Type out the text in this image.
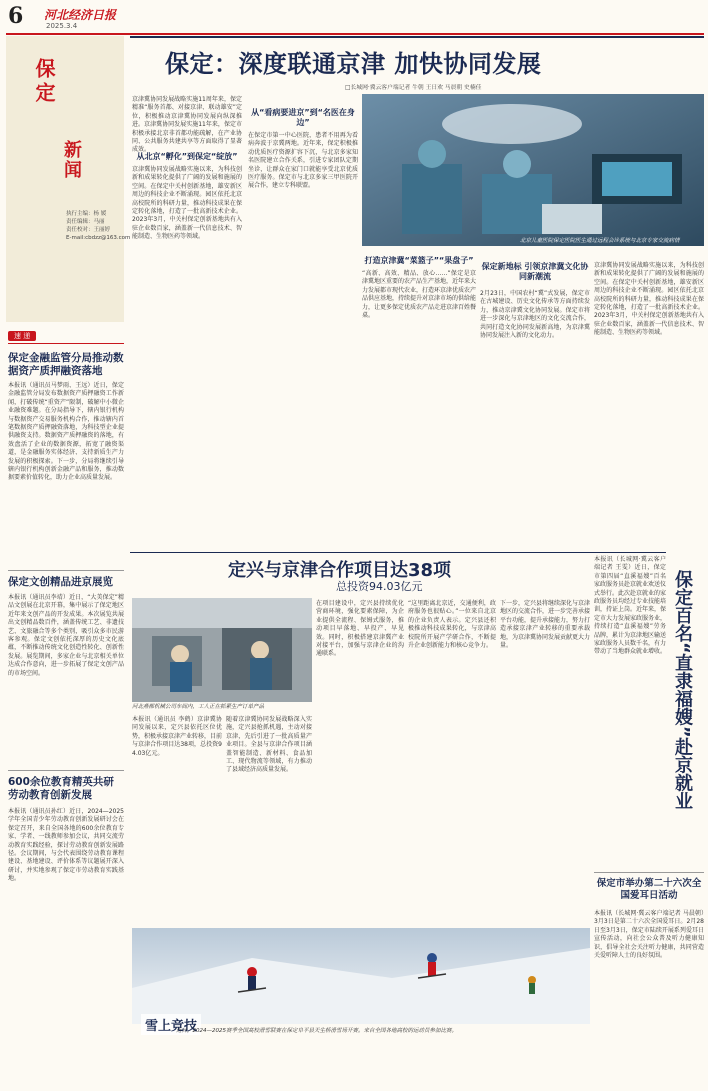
6 河北经济日报
2025.3.4
保定
新闻
执行主编：杨 媛
责任编辑：马丽
责任校对：王丽婷
E-mail:cbdzz@163.com
速 递
保定金融监管分局推动数据资产质押融资落地
本报讯（通讯员马梦雨、王远）近日，保定金融监管分局发布数据资产质押融资工作新闻，打破传统“重资产”限制，破解中小微企业融资难题。在分局指导下，辖内银行机构与数据资产交易服务机构合作，推动辖内首笔数据资产质押融资落地，为科技型企业提供融资支持。数据资产质押融资的落地，有效盘活了企业的数据资源，拓宽了融资渠道，是金融服务实体经济、支持新质生产力发展的积极探索。下一步，分局将继续引导辖内银行机构创新金融产品和服务，推动数据要素价值转化，助力企业高质量发展。
保定文创精品进京展览
本报讯（通讯员李靖）近日，“大美保定”精品文创展在北京开幕，集中展示了保定地区近年来文创产品的开发成果。本次展览共展出文创精品数百件，涵盖传统工艺、非遗技艺、文旅融合等多个类别，吸引众多市民游客参观。保定文创依托深厚的历史文化底蕴，不断推动传统文化创造性转化、创新性发展。展览期间，多家企业与北京相关单位达成合作意向，进一步拓展了保定文创产品的市场空间。
600余位教育精英共研劳动教育创新发展
本报讯（通讯员孙红）近日，2024—2025学年全国青少年劳动教育创新发展研讨会在保定召开，来自全国各地的600余位教育专家、学者、一线教师参加会议，共同交流劳动教育实践经验，探讨劳动教育创新发展路径。会议期间，与会代表围绕劳动教育课程建设、基地建设、评价体系等议题展开深入研讨，并实地参观了保定市劳动教育实践基地。
保定：深度联通京津 加快协同发展
□长城网·冀云客户端记者 牛朝 王日欢 马晨朝 史楠佳
京津冀协同发展战略实施11周年来，保定精准“服务首都、对接京津、联动雄安”定位，积极推动京津冀协同发展向纵深推进。京津冀协同发展实施11年来，保定市积极承接北京非首都功能疏解，在产业协同、公共服务共建共享等方面取得了显著成效。
从北京“孵化”到保定“绽放”
京津冀协同发展战略实施以来，为科技创新和成果转化提供了广阔的发展和施展的空间。在保定中关村创新基地，雄安新区周边的科技企业不断涌现。园区依托北京高校院所的科研力量，推动科技成果在保定转化落地，打造了一批高新技术企业。2023年3月，中关村保定创新基地共有入驻企业数百家，涵盖新一代信息技术、智能制造、生物医药等领域。
从“看病要进京”到“名医在身边”
在保定市第一中心医院，患者不用再为看病奔波于京冀两地。近年来，保定积极推动优质医疗资源扩容下沉，与北京多家知名医院建立合作关系，引进专家团队定期坐诊，让群众在家门口就能享受北京优质医疗服务。保定市与北京多家三甲医院开展合作，建立专科联盟。
北京儿童医院保定医院医生通过远程会诊系统与北京专家交流病情
打造京津冀“菜篮子”“果盘子”
“高新、高效、精品、放心……”保定是京津冀地区重要的农产品生产基地，近年来大力发展都市现代农业，打造环京津优质农产品供应基地，持续提升对京津市场的供给能力，让更多保定优质农产品走进京津百姓餐桌。
保定新地标 引领京津冀文化协同新潮流
2月23日，中国农村“冀”式发展，保定市在古城建设、历史文化传承等方面持续发力，推动京津冀文化协同发展。保定市将进一步深化与京津地区的文化交流合作，共同打造文化协同发展新高地，为京津冀协同发展注入新的文化动力。
京津冀协同发展战略实施以来，为科技创新和成果转化提供了广阔的发展和施展的空间。在保定中关村创新基地，雄安新区周边的科技企业不断涌现。园区依托北京高校院所的科研力量，推动科技成果在保定转化落地，打造了一批高新技术企业。2023年3月，中关村保定创新基地共有入驻企业数百家，涵盖新一代信息技术、智能制造、生物医药等领域。
定兴与京津合作项目达38项
总投资94.03亿元
河北燕都机械公司车间内，工人正在抓紧生产订单产品
本报讯（通讯员 李鹤）京津冀协同发展以来，定兴县依托区位优势，积极承接京津产业转移，目前与京津合作项目达38项，总投资94.03亿元。
随着京津冀协同发展战略深入实施，定兴县抢抓机遇，主动对接京津，先后引进了一批高质量产业项目。全县与京津合作项目涵盖智能制造、新材料、食品加工、现代物流等领域，有力推动了县域经济高质量发展。
在项目建设中，定兴县持续优化营商环境，强化要素保障，为企业提供全流程、保姆式服务，推动项目早落地、早投产、早见效。同时，积极搭建京津冀产业对接平台，加强与京津企业的沟通联系。
“这里距离北京近，交通便利，政府服务也很贴心。”一位来自北京的企业负责人表示。定兴县还积极推动科技成果转化，与京津高校院所开展产学研合作，不断提升企业创新能力和核心竞争力。
下一步，定兴县将继续深化与京津地区的交流合作，进一步完善承接平台功能，提升承接能力，努力打造承接京津产业转移的重要承载地，为京津冀协同发展贡献更大力量。
本报讯（长城网·冀云客户端记者 王雯）近日，保定市第四届“直溪福嫂”百名家政服务员赴京就业欢送仪式举行。此次赴京就业的家政服务员均经过专业技能培训，持证上岗。近年来，保定市大力发展家政服务业，持续打造“直溪福嫂”劳务品牌，累计为京津地区输送家政服务人员数千名，有力带动了当地群众就业增收。 保定百名“直隶福嫂”赴京就业
雪上竞技
近日，2024—2025赛季全国高校滑雪联赛在保定阜平县天生桥滑雪场开赛。来自全国各地高校的运动员参加比赛。
保定市举办第二十六次全国爱耳日活动
本报讯（长城网·冀云客户端记者 马晨朝）3月3日是第二十六次全国爱耳日。2月28日至3月3日，保定市陆续开展系列爱耳日宣传活动，向社会公众普及听力健康知识，倡导全社会关注听力健康，共同营造关爱听障人士的良好氛围。
